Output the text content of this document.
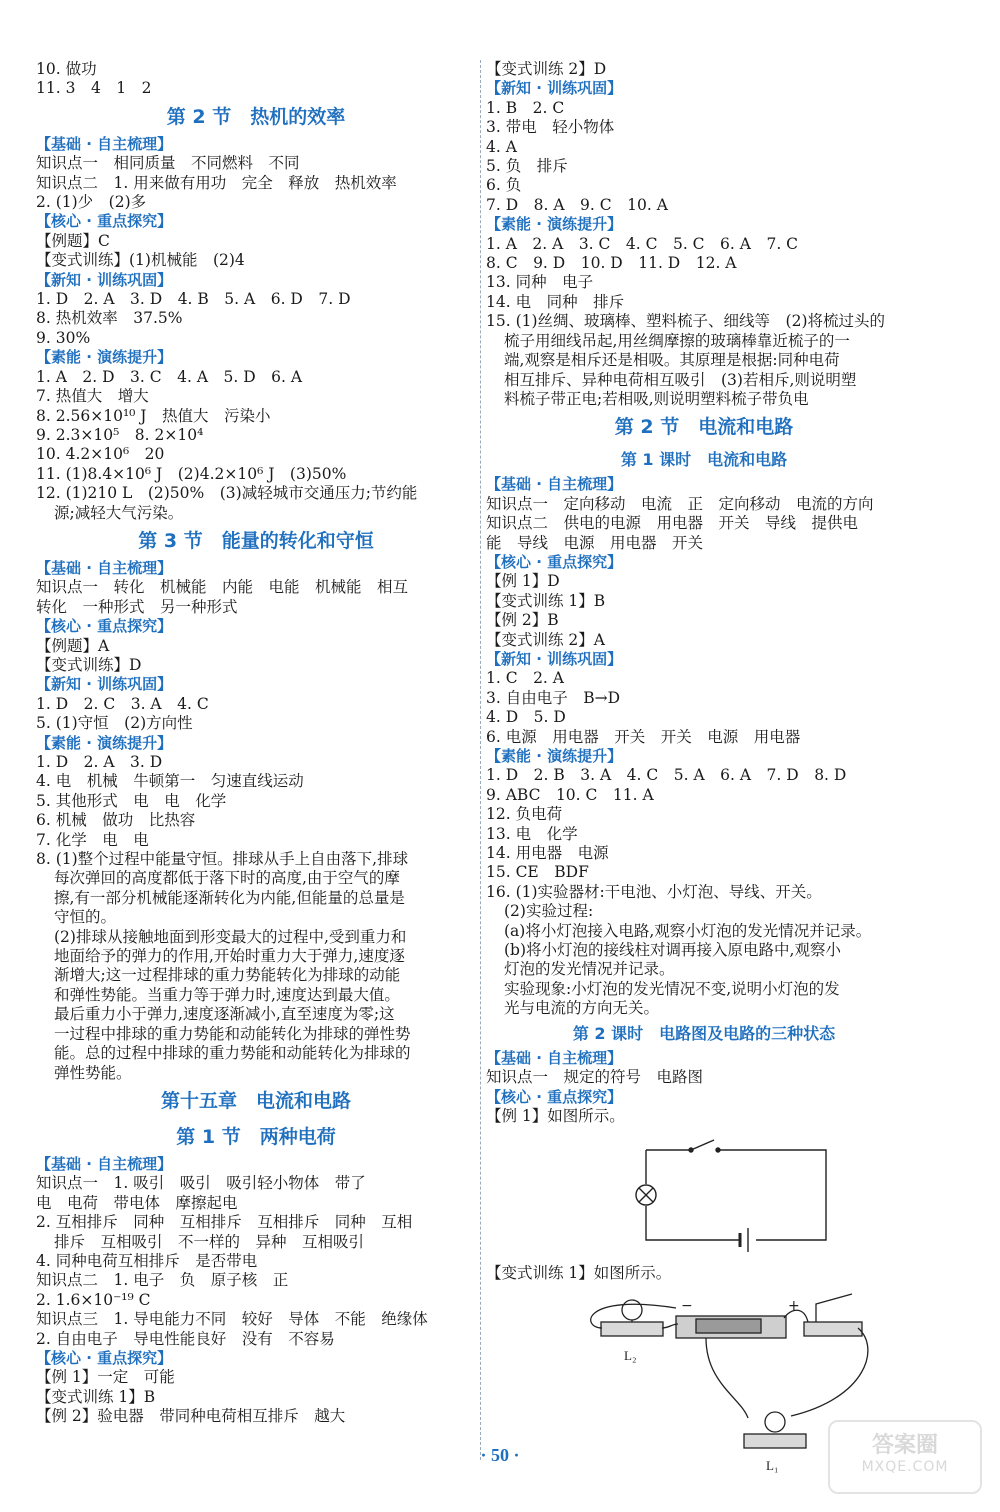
10. 做功
11. 3　4　1　2
第 2 节　热机的效率
【基础 · 自主梳理】
知识点一　相同质量　不同燃料　不同
知识点二　1. 用来做有用功　完全　释放　热机效率
2. (1)少　(2)多
【核心 · 重点探究】
【例题】C
【变式训练】(1)机械能　(2)4
【新知 · 训练巩固】
1. D　2. A　3. D　4. B　5. A　6. D　7. D
8. 热机效率　37.5%
9. 30%
【素能 · 演练提升】
1. A　2. D　3. C　4. A　5. D　6. A
7. 热值大　增大
8. 2.56×10¹⁰ J　热值大　污染小
9. 2.3×10⁵　8. 2×10⁴
10. 4.2×10⁶　20
11. (1)8.4×10⁶ J　(2)4.2×10⁶ J　(3)50%
12. (1)210 L　(2)50%　(3)减轻城市交通压力;节约能
源;减轻大气污染。
第 3 节　能量的转化和守恒
【基础 · 自主梳理】
知识点一　转化　机械能　内能　电能　机械能　相互
转化　一种形式　另一种形式
【核心 · 重点探究】
【例题】A
【变式训练】D
【新知 · 训练巩固】
1. D　2. C　3. A　4. C
5. (1)守恒　(2)方向性
【素能 · 演练提升】
1. D　2. A　3. D
4. 电　机械　牛顿第一　匀速直线运动
5. 其他形式　电　电　化学
6. 机械　做功　比热容
7. 化学　电　电
8. (1)整个过程中能量守恒。排球从手上自由落下,排球
每次弹回的高度都低于落下时的高度,由于空气的摩
擦,有一部分机械能逐渐转化为内能,但能量的总量是
守恒的。
(2)排球从接触地面到形变最大的过程中,受到重力和
地面给予的弹力的作用,开始时重力大于弹力,速度逐
渐增大;这一过程排球的重力势能转化为排球的动能
和弹性势能。当重力等于弹力时,速度达到最大值。
最后重力小于弹力,速度逐渐减小,直至速度为零;这
一过程中排球的重力势能和动能转化为排球的弹性势
能。总的过程中排球的重力势能和动能转化为排球的
弹性势能。
第十五章　电流和电路
第 1 节　两种电荷
【基础 · 自主梳理】
知识点一　1. 吸引　吸引　吸引轻小物体　带了
电　电荷　带电体　摩擦起电
2. 互相排斥　同种　互相排斥　互相排斥　同种　互相
排斥　互相吸引　不一样的　异种　互相吸引
4. 同种电荷互相排斥　是否带电
知识点二　1. 电子　负　原子核　正
2. 1.6×10⁻¹⁹ C
知识点三　1. 导电能力不同　较好　导体　不能　绝缘体
2. 自由电子　导电性能良好　没有　不容易
【核心 · 重点探究】
【例 1】一定　可能
【变式训练 1】B
【例 2】验电器　带同种电荷相互排斥　越大
【变式训练 2】D
【新知 · 训练巩固】
1. B　2. C
3. 带电　轻小物体
4. A
5. 负　排斥
6. 负
7. D　8. A　9. C　10. A
【素能 · 演练提升】
1. A　2. A　3. C　4. C　5. C　6. A　7. C
8. C　9. D　10. D　11. D　12. A
13. 同种　电子
14. 电　同种　排斥
15. (1)丝绸、玻璃棒、塑料梳子、细线等　(2)将梳过头的
梳子用细线吊起,用丝绸摩擦的玻璃棒靠近梳子的一
端,观察是相斥还是相吸。其原理是根据:同种电荷
相互排斥、异种电荷相互吸引　(3)若相斥,则说明塑
料梳子带正电;若相吸,则说明塑料梳子带负电
第 2 节　电流和电路
第 1 课时　电流和电路
【基础 · 自主梳理】
知识点一　定向移动　电流　正　定向移动　电流的方向
知识点二　供电的电源　用电器　开关　导线　提供电
能　导线　电源　用电器　开关
【核心 · 重点探究】
【例 1】D
【变式训练 1】B
【例 2】B
【变式训练 2】A
【新知 · 训练巩固】
1. C　2. A
3. 自由电子　B→D
4. D　5. D
6. 电源　用电器　开关　开关　电源　用电器
【素能 · 演练提升】
1. D　2. B　3. A　4. C　5. A　6. A　7. D　8. D
9. ABC　10. C　11. A
12. 负电荷
13. 电　化学
14. 用电器　电源
15. CE　BDF
16. (1)实验器材:干电池、小灯泡、导线、开关。
(2)实验过程:
(a)将小灯泡接入电路,观察小灯泡的发光情况并记录。
(b)将小灯泡的接线柱对调再接入原电路中,观察小
灯泡的发光情况并记录。
实验现象:小灯泡的发光情况不变,说明小灯泡的发
光与电流的方向无关。
第 2 课时　电路图及电路的三种状态
【基础 · 自主梳理】
知识点一　规定的符号　电路图
【核心 · 重点探究】
【例 1】如图所示。
【变式训练 1】如图所示。
+
−
L₂
L₁
· 50 ·	答案圈
MXQE.COM
